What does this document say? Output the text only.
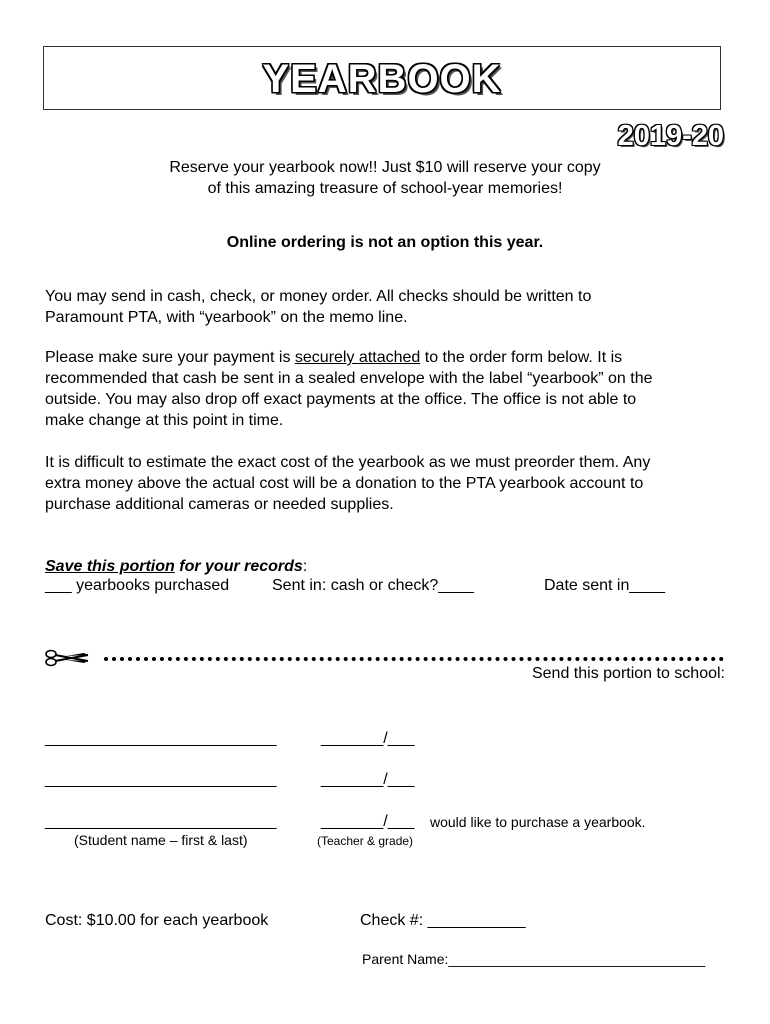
YEARBOOK
2019-20
Reserve your yearbook now!! Just $10 will reserve your copy
of this amazing treasure of school-year memories!
Online ordering is not an option this year.
You may send in cash, check, or money order. All checks should be written to
Paramount PTA, with “yearbook” on the memo line.
Please make sure your payment is securely attached to the order form below. It is
recommended that cash be sent in a sealed envelope with the label “yearbook” on the
outside. You may also drop off exact payments at the office. The office is not able to
make change at this point in time.
It is difficult to estimate the exact cost of the yearbook as we must preorder them. Any
extra money above the actual cost will be a donation to the PTA yearbook account to
purchase additional cameras or needed supplies.
Save this portion for your records:
___ yearbooks purchased	Sent in: cash or check?____	Date sent in____
Send this portion to school:
__________________________	_______/___
__________________________	_______/___
__________________________	_______/___ would like to purchase a yearbook.
(Student name – first & last)	(Teacher & grade)
Cost: $10.00 for each yearbook	Check #: ___________
Parent Name:_________________________________
